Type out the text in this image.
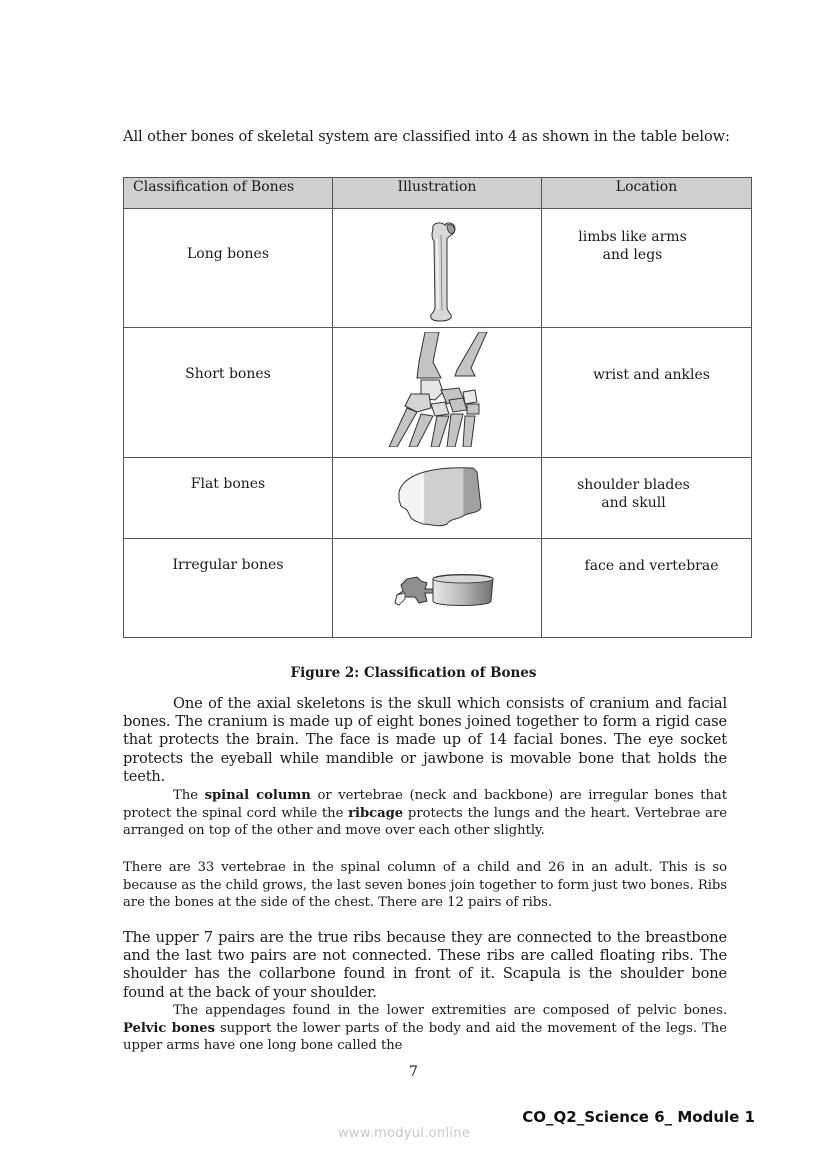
All other bones of skeletal system are classified into 4 as shown in the table below:
Classification of Bones	Illustration	Location

Long bones		limbs like arms
and legs

Short bones		wrist and ankles

Flat bones		shoulder blades
and skull

Irregular bones		face and vertebrae
Figure 2: Classification of Bones
One of the axial skeletons is the skull which consists of cranium and facial bones. The cranium is made up of eight bones joined together to form a rigid case that protects the brain. The face is made up of 14 facial bones. The eye socket protects the eyeball while mandible or jawbone is movable bone that holds the teeth.
The spinal column or vertebrae (neck and backbone) are irregular bones that protect the spinal cord while the ribcage protects the lungs and the heart. Vertebrae are arranged on top of the other and move over each other slightly.
There are 33 vertebrae in the spinal column of a child and 26 in an adult. This is so because as the child grows, the last seven bones join together to form just two bones. Ribs are the bones at the side of the chest. There are 12 pairs of ribs.
The upper 7 pairs are the true ribs because they are connected to the breastbone and the last two pairs are not connected. These ribs are called floating ribs. The shoulder has the collarbone found in front of it. Scapula is the shoulder bone found at the back of your shoulder.
The appendages found in the lower extremities are composed of pelvic bones. Pelvic bones support the lower parts of the body and aid the movement of the legs. The upper arms have one long bone called the
7
CO_Q2_Science 6_ Module 1
www.modyul.online
